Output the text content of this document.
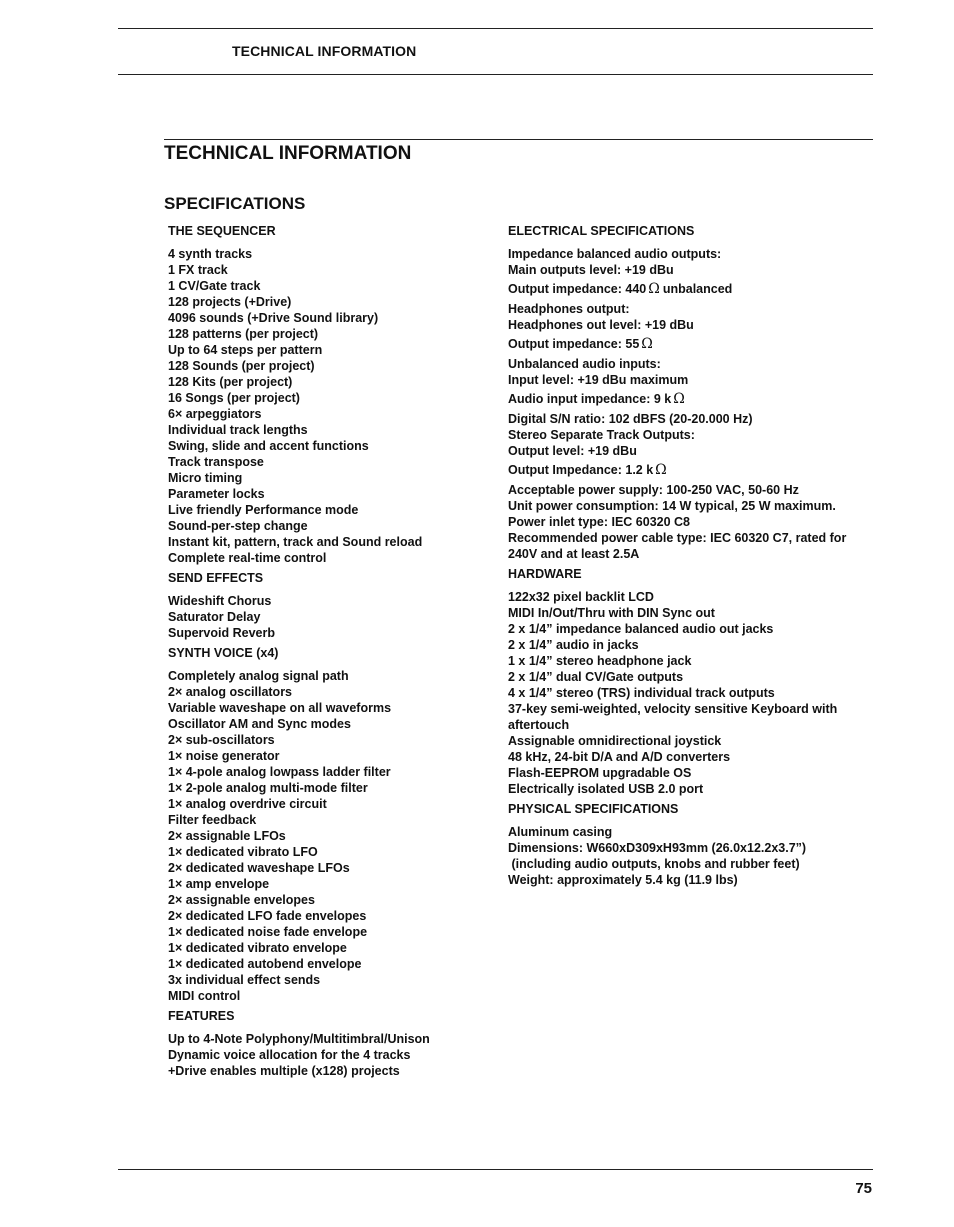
TECHNICAL INFORMATION
TECHNICAL INFORMATION
SPECIFICATIONS
THE SEQUENCER
4 synth tracks
1 FX track
1 CV/Gate track
128 projects (+Drive)
4096 sounds (+Drive Sound library)
128 patterns (per project)
Up to 64 steps per pattern
128 Sounds (per project)
128 Kits (per project)
16 Songs (per project)
6× arpeggiators
Individual track lengths
Swing, slide and accent functions
Track transpose
Micro timing
Parameter locks
Live friendly Performance mode
Sound-per-step change
Instant kit, pattern, track and Sound reload
Complete real-time control
SEND EFFECTS
Wideshift Chorus
Saturator Delay
Supervoid Reverb
SYNTH VOICE (x4)
Completely analog signal path
2× analog oscillators
Variable waveshape on all waveforms
Oscillator AM and Sync modes
2× sub-oscillators
1× noise generator
1× 4-pole analog lowpass ladder filter
1× 2-pole analog multi-mode filter
1× analog overdrive circuit
Filter feedback
2× assignable LFOs
1× dedicated vibrato LFO
2× dedicated waveshape LFOs
1× amp envelope
2× assignable envelopes
2× dedicated LFO fade envelopes
1× dedicated noise fade envelope
1× dedicated vibrato envelope
1× dedicated autobend envelope
3x individual effect sends
MIDI control
FEATURES
Up to 4-Note Polyphony/Multitimbral/Unison
Dynamic voice allocation for the 4 tracks
+Drive enables multiple (x128) projects
ELECTRICAL SPECIFICATIONS
Impedance balanced audio outputs:
Main outputs level: +19 dBu
Output impedance: 440 Ω unbalanced
Headphones output:
Headphones out level: +19 dBu
Output impedance: 55 Ω
Unbalanced audio inputs:
Input level: +19 dBu maximum
Audio input impedance: 9 k Ω
Digital S/N ratio: 102 dBFS (20-20.000 Hz)
Stereo Separate Track Outputs:
Output level: +19 dBu
Output Impedance: 1.2 k Ω
Acceptable power supply: 100-250 VAC, 50-60 Hz
Unit power consumption: 14 W typical, 25 W maximum.
Power inlet type: IEC 60320 C8
Recommended power cable type: IEC 60320 C7, rated for 240V and at least 2.5A
HARDWARE
122x32 pixel backlit LCD
MIDI In/Out/Thru with DIN Sync out
2 x 1/4” impedance balanced audio out jacks
2 x 1/4” audio in jacks
1 x 1/4” stereo headphone jack
2 x 1/4” dual CV/Gate outputs
4 x 1/4” stereo (TRS) individual track outputs
37-key semi-weighted, velocity sensitive Keyboard with aftertouch
Assignable omnidirectional joystick
48 kHz, 24-bit D/A and A/D converters
Flash-EEPROM upgradable OS
Electrically isolated USB 2.0 port
PHYSICAL SPECIFICATIONS
Aluminum casing
Dimensions: W660xD309xH93mm (26.0x12.2x3.7”)
(including audio outputs, knobs and rubber feet)
Weight: approximately 5.4 kg (11.9 lbs)
75
